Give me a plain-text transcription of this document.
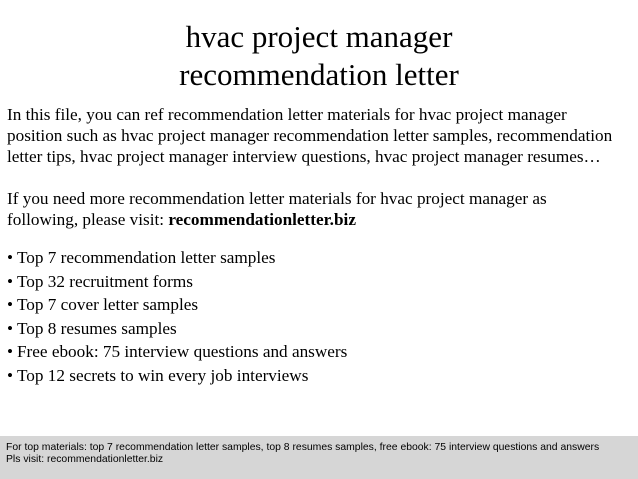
hvac project manager
recommendation letter

In this file, you can ref recommendation letter materials for hvac project manager
position such as hvac project manager recommendation letter samples, recommendation
letter tips, hvac project manager interview questions, hvac project manager resumes…

If you need more recommendation letter materials for hvac project manager as
following, please visit: recommendationletter.biz

• Top 7 recommendation letter samples
• Top 32 recruitment forms
• Top 7 cover letter samples
• Top 8 resumes samples
• Free ebook: 75 interview questions and answers
• Top 12 secrets to win every job interviews
For top materials: top 7 recommendation letter samples, top 8 resumes samples, free ebook: 75 interview questions and answers
Pls visit: recommendationletter.biz
